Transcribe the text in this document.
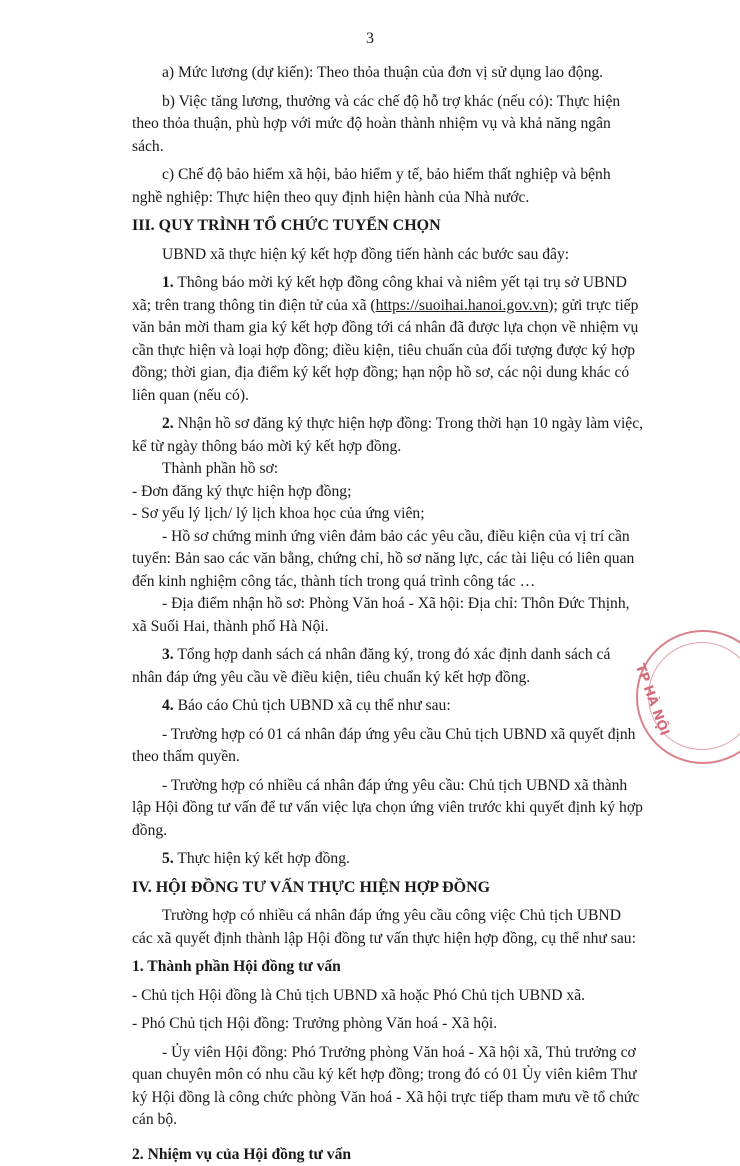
3

a) Mức lương (dự kiến): Theo thỏa thuận của đơn vị sử dụng lao động.

b) Việc tăng lương, thưởng và các chế độ hỗ trợ khác (nếu có): Thực hiện theo thỏa thuận, phù hợp với mức độ hoàn thành nhiệm vụ và khả năng ngân sách.

c) Chế độ bảo hiểm xã hội, bảo hiểm y tế, bảo hiểm thất nghiệp và bệnh nghề nghiệp: Thực hiện theo quy định hiện hành của Nhà nước.

III. QUY TRÌNH TỔ CHỨC TUYỂN CHỌN

UBND xã thực hiện ký kết hợp đồng tiến hành các bước sau đây:

1. Thông báo mời ký kết hợp đồng công khai và niêm yết tại trụ sở UBND xã; trên trang thông tin điện tử của xã (https://suoihai.hanoi.gov.vn); gửi trực tiếp văn bản mời tham gia ký kết hợp đồng tới cá nhân đã được lựa chọn về nhiệm vụ cần thực hiện và loại hợp đồng; điều kiện, tiêu chuẩn của đối tượng được ký hợp đồng; thời gian, địa điểm ký kết hợp đồng; hạn nộp hồ sơ, các nội dung khác có liên quan (nếu có).

2. Nhận hồ sơ đăng ký thực hiện hợp đồng: Trong thời hạn 10 ngày làm việc, kể từ ngày thông báo mời ký kết hợp đồng.

Thành phần hồ sơ:

- Đơn đăng ký thực hiện hợp đồng;

- Sơ yếu lý lịch/ lý lịch khoa học của ứng viên;

- Hồ sơ chứng minh ứng viên đảm bảo các yêu cầu, điều kiện của vị trí cần tuyển: Bản sao các văn bằng, chứng chỉ, hồ sơ năng lực, các tài liệu có liên quan đến kinh nghiệm công tác, thành tích trong quá trình công tác …

- Địa điểm nhận hồ sơ: Phòng Văn hoá - Xã hội: Địa chỉ: Thôn Đức Thịnh, xã Suối Hai, thành phố Hà Nội.

3. Tổng hợp danh sách cá nhân đăng ký, trong đó xác định danh sách cá nhân đáp ứng yêu cầu về điều kiện, tiêu chuẩn ký kết hợp đồng.

4. Báo cáo Chủ tịch UBND xã cụ thể như sau:

- Trường hợp có 01 cá nhân đáp ứng yêu cầu Chủ tịch UBND xã quyết định theo thẩm quyền.

- Trường hợp có nhiều cá nhân đáp ứng yêu cầu: Chủ tịch UBND xã thành lập Hội đồng tư vấn để tư vấn việc lựa chọn ứng viên trước khi quyết định ký hợp đồng.

5. Thực hiện ký kết hợp đồng.

IV. HỘI ĐỒNG TƯ VẤN THỰC HIỆN HỢP ĐỒNG

Trường hợp có nhiều cá nhân đáp ứng yêu cầu công việc Chủ tịch UBND các xã quyết định thành lập Hội đồng tư vấn thực hiện hợp đồng, cụ thể như sau:

1. Thành phần Hội đồng tư vấn

- Chủ tịch Hội đồng là Chủ tịch UBND xã hoặc Phó Chủ tịch UBND xã.

- Phó Chủ tịch Hội đồng: Trưởng phòng Văn hoá - Xã hội.

- Ủy viên Hội đồng: Phó Trưởng phòng Văn hoá - Xã hội xã, Thủ trưởng cơ quan chuyên môn có nhu cầu ký kết hợp đồng; trong đó có 01 Ủy viên kiêm Thư ký Hội đồng là công chức phòng Văn hoá - Xã hội trực tiếp tham mưu về tổ chức cán bộ.

2. Nhiệm vụ của Hội đồng tư vấn

TP HÀ NỘI
